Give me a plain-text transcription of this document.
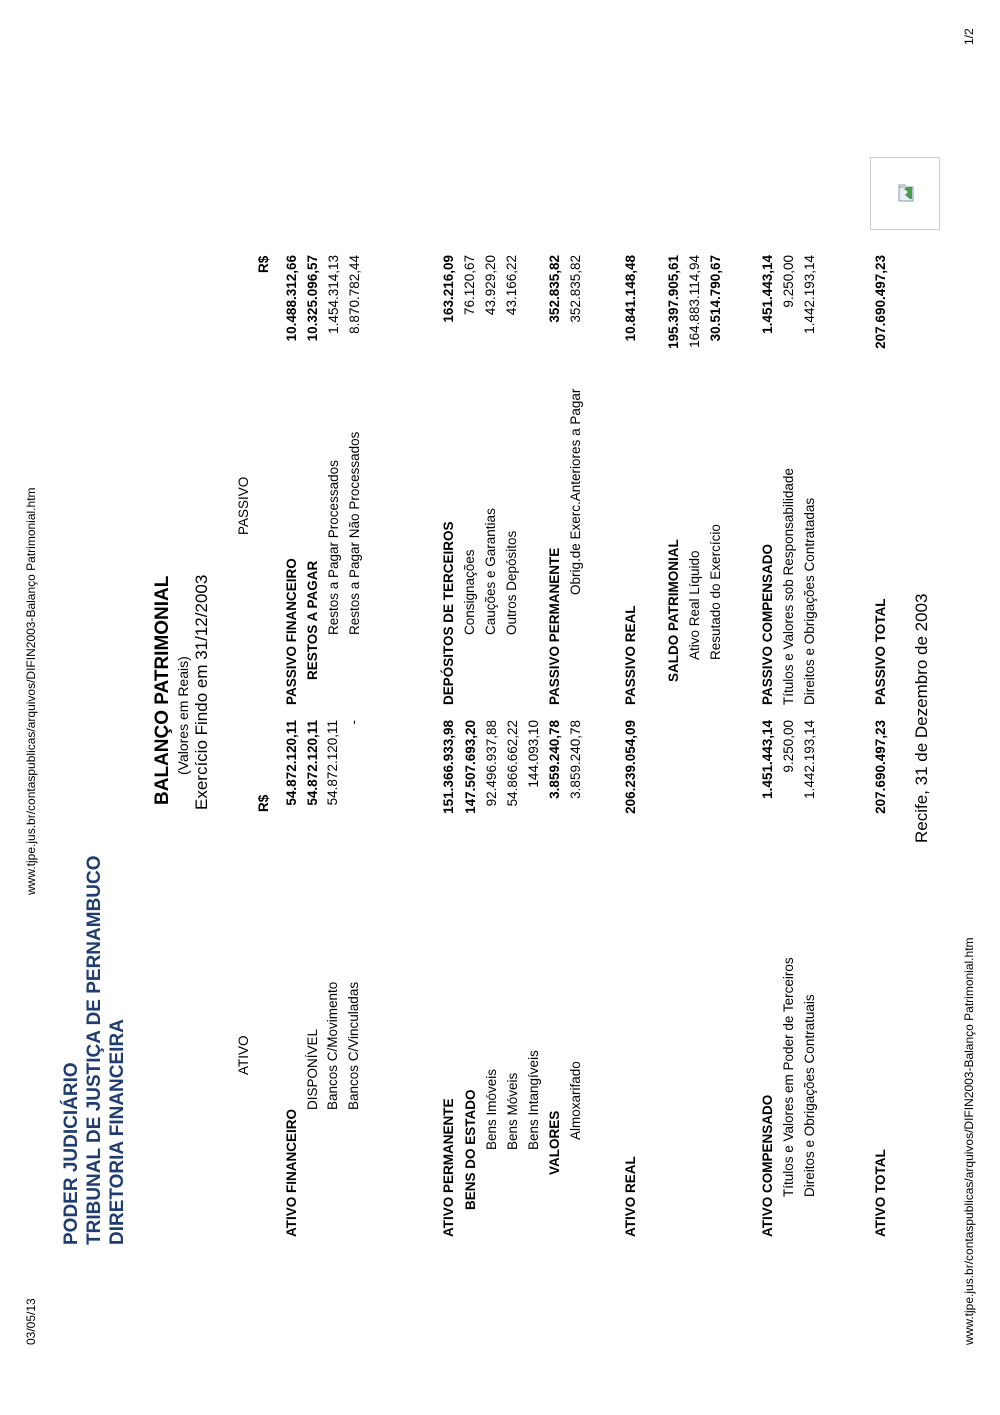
03/05/13
www.tjpe.jus.br/contaspublicas/arquivos/DIFIN2003-Balanço Patrimonial.htm
PODER JUDICIÁRIO TRIBUNAL DE JUSTIÇA DE PERNAMBUCO DIRETORIA FINANCEIRA
BALANÇO PATRIMONIAL (Valores em Reais) Exercício Findo em 31/12/2003
ATIVO
PASSIVO
R$
R$
ATIVO FINANCEIRO
54.872.120,11
DISPONÍVEL
54.872.120,11
Bancos C/Movimento
54.872.120,11
Bancos C/Vinculadas
-
ATIVO PERMANENTE
151.366.933,98
BENS DO ESTADO
147.507.693,20
Bens Imóveis
92.496.937,88
Bens Móveis
54.866.662,22
Bens Intangíveis
144.093,10
VALORES
3.859.240,78
Almoxarifado
3.859.240,78
ATIVO REAL
206.239.054,09
ATIVO COMPENSADO
1.451.443,14
Títulos e Valores em Poder de Terceiros
9.250,00
Direitos e Obrigações Contratuais
1.442.193,14
ATIVO TOTAL
207.690.497,23
PASSIVO FINANCEIRO
10.488.312,66
RESTOS A PAGAR
10.325.096,57
Restos a Pagar Processados
1.454.314,13
Restos a Pagar Não Processados
8.870.782,44
DEPÓSITOS DE TERCEIROS
163.216,09
Consignações
76.120,67
Cauções e Garantias
43.929,20
Outros Depósitos
43.166,22
PASSIVO PERMANENTE
352.835,82
Obrig.de Exerc.Anteriores a Pagar
352.835,82
PASSIVO REAL
10.841.148,48
SALDO PATRIMONIAL
195.397.905,61
Ativo Real Líquido
164.883.114,94
Resutado do Exercício
30.514.790,67
PASSIVO COMPENSADO
1.451.443,14
Títulos e Valores sob Responsabilidade
9.250,00
Direitos e Obrigações Contratadas
1.442.193,14
PASSIVO TOTAL
207.690.497,23
Recife, 31 de Dezembro de 2003
www.tjpe.jus.br/contaspublicas/arquivos/DIFIN2003-Balanço Patrimonial.htm
1/2
